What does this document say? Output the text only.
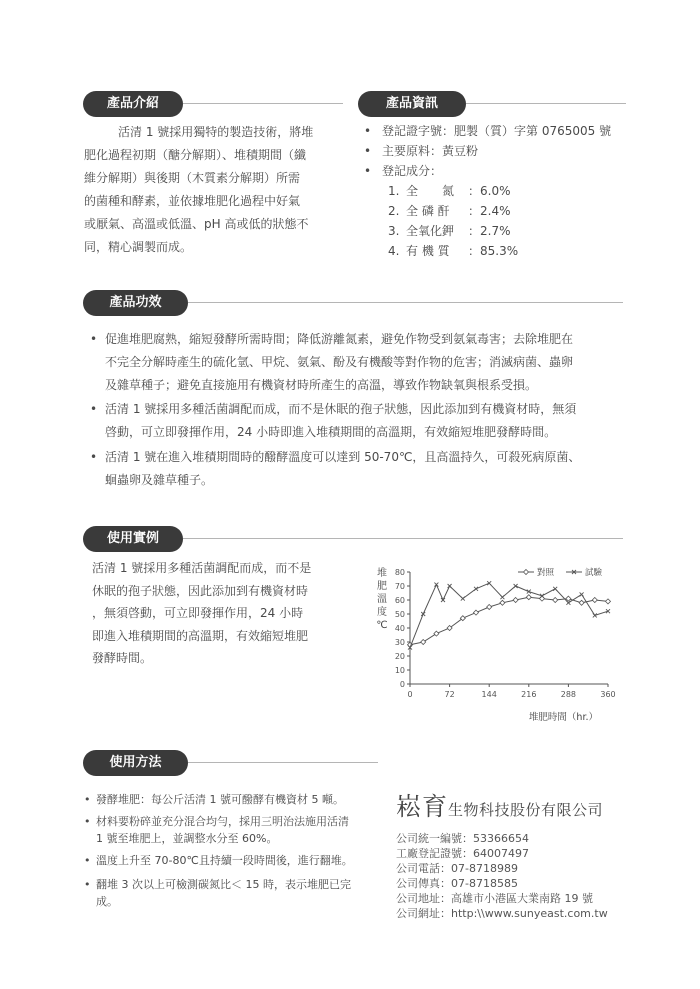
產品介紹
活清 1 號採用獨特的製造技術，將堆
肥化過程初期（醣分解期）、堆積期間（纖
維分解期）與後期（木質素分解期）所需
的菌種和酵素，並依據堆肥化過程中好氣
或厭氣、高溫或低溫、pH 高或低的狀態不
同，精心調製而成。
產品資訊
• 登記證字號：肥製（質）字第 0765005 號
• 主要原料：黃豆粉
• 登記成分：
1. 全　　氮 ：6.0%
2. 全 磷 酐 ：2.4%
3. 全氧化鉀 ：2.7%
4. 有 機 質 ：85.3%
產品功效
• 促進堆肥腐熟，縮短發酵所需時間；降低游離氮素，避免作物受到氨氣毒害；去除堆肥在
不完全分解時產生的硫化氫、甲烷、氨氣、酚及有機酸等對作物的危害；消滅病菌、蟲卵
及雜草種子；避免直接施用有機資材時所產生的高溫，導致作物缺氧與根系受損。
• 活清 1 號採用多種活菌調配而成，而不是休眠的孢子狀態，因此添加到有機資材時，無須
啓動，可立即發揮作用，24 小時即進入堆積期間的高溫期，有效縮短堆肥發酵時間。
• 活清 1 號在進入堆積期間時的醱酵溫度可以達到 50-70℃，且高溫持久，可殺死病原菌、
蛔蟲卵及雜草種子。
使用實例
活清 1 號採用多種活菌調配而成，而不是
休眠的孢子狀態，因此添加到有機資材時
，無須啓動，可立即發揮作用，24 小時
即進入堆積期間的高溫期，有效縮短堆肥
發酵時間。
0
10
20
30
40
50
60
70
80
0	72	144	216	288	360
堆
肥
溫
度
℃
堆肥時間（hr.）
對照	試驗
使用方法
• 發酵堆肥：每公斤活清 1 號可醱酵有機資材 5 噸。
• 材料要粉碎並充分混合均勻，採用三明治法施用活清
1 號至堆肥上，並調整水分至 60%。
• 溫度上升至 70-80℃且持續一段時間後，進行翻堆。
• 翻堆 3 次以上可檢測碳氮比＜ 15 時，表示堆肥已完
成。
崧育生物科技股份有限公司
公司統一編號：53366654
工廠登記證號：64007497
公司電話：07-8718989
公司傳真：07-8718585
公司地址：高雄市小港區大業南路 19 號
公司網址：http:\\www.sunyeast.com.tw
